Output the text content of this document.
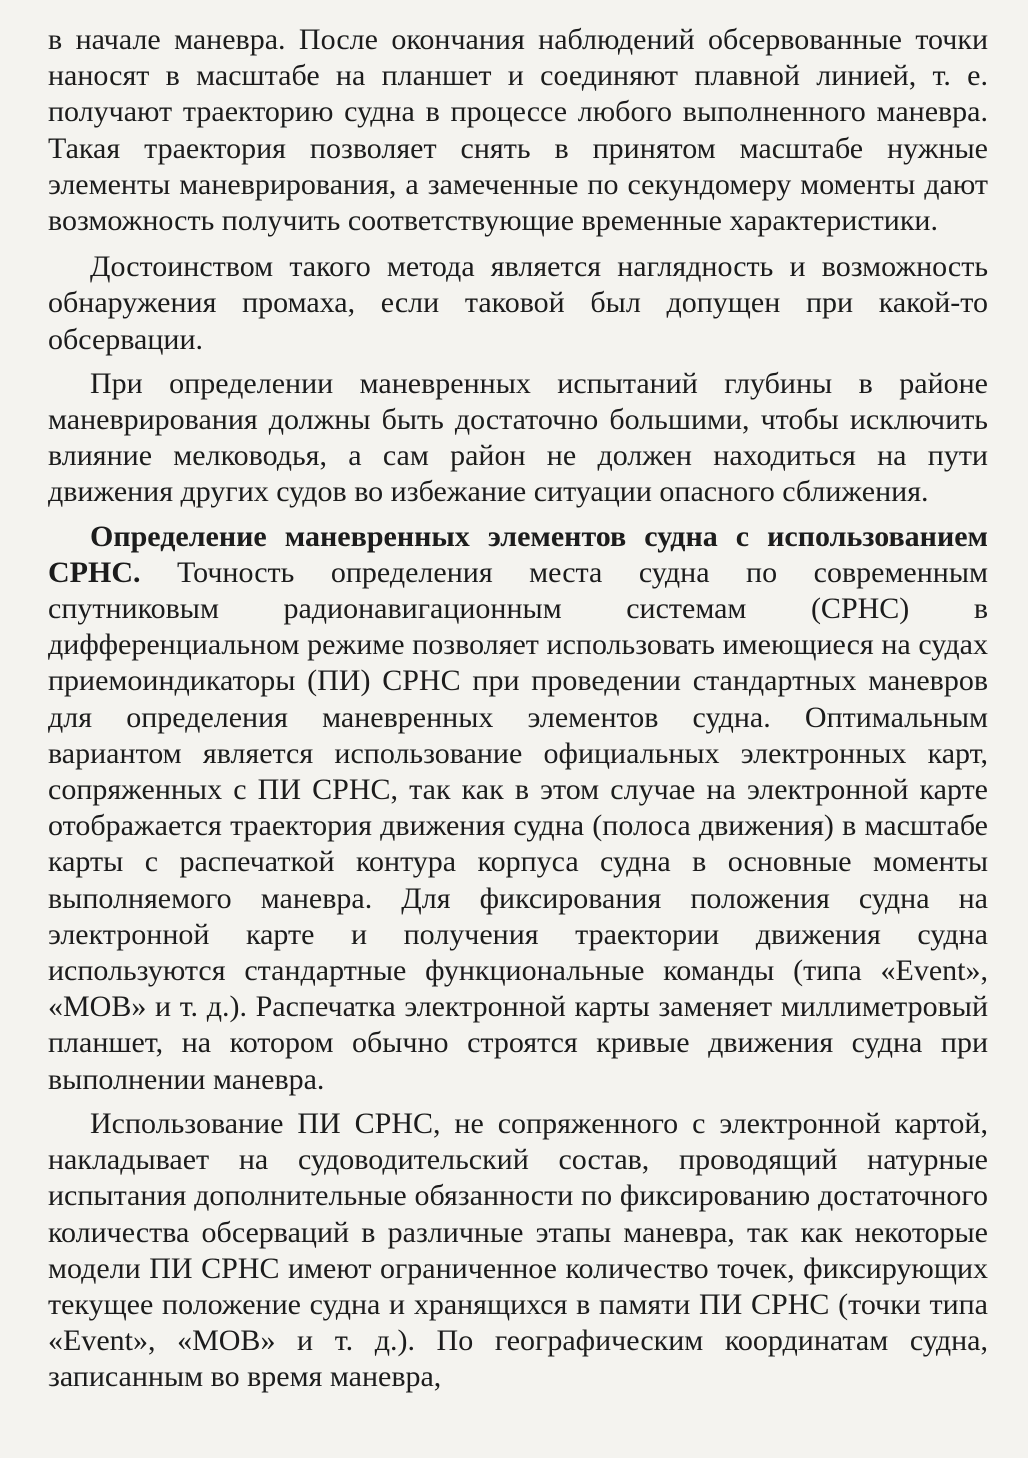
в начале маневра. После окончания наблюдений обсервованные точки наносят в масштабе на планшет и соединяют плавной линией, т. е. получают траекторию судна в процессе любого выполненного маневра. Такая траектория позволяет снять в принятом масштабе нужные элементы маневрирования, а замеченные по секундомеру моменты дают возможность получить соответствующие временные характеристики.

Достоинством такого метода является наглядность и возможность обнаружения промаха, если таковой был допущен при какой-то обсервации.

При определении маневренных испытаний глубины в районе маневрирования должны быть достаточно большими, чтобы исключить влияние мелководья, а сам район не должен находиться на пути движения других судов во избежание ситуации опасного сближения.

Определение маневренных элементов судна с использованием СРНС. Точность определения места судна по современным спутниковым радионавигационным системам (СРНС) в дифференциальном режиме позволяет использовать имеющиеся на судах приемоиндикаторы (ПИ) СРНС при проведении стандартных маневров для определения маневренных элементов судна. Оптимальным вариантом является использование официальных электронных карт, сопряженных с ПИ СРНС, так как в этом случае на электронной карте отображается траектория движения судна (полоса движения) в масштабе карты с распечаткой контура корпуса судна в основные моменты выполняемого маневра. Для фиксирования положения судна на электронной карте и получения траектории движения судна используются стандартные функциональные команды (типа «Event», «МОВ» и т. д.). Распечатка электронной карты заменяет миллиметровый планшет, на котором обычно строятся кривые движения судна при выполнении маневра.

Использование ПИ СРНС, не сопряженного с электронной картой, накладывает на судоводительский состав, проводящий натурные испытания дополнительные обязанности по фиксированию достаточного количества обсерваций в различные этапы маневра, так как некоторые модели ПИ СРНС имеют ограниченное количество точек, фиксирующих текущее положение судна и хранящихся в памяти ПИ СРНС (точки типа «Event», «МОВ» и т. д.). По географическим координатам судна, записанным во время маневра,
